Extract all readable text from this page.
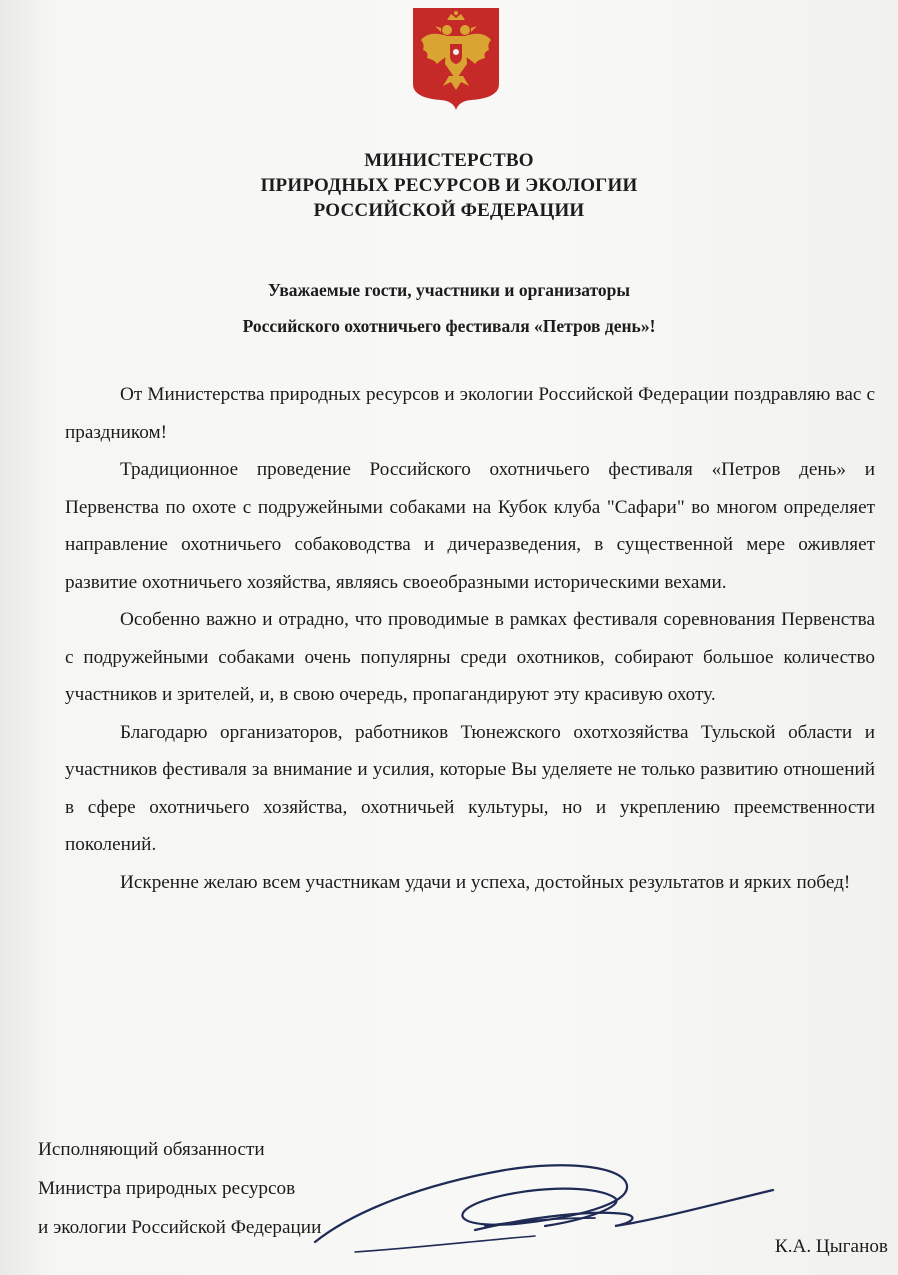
МИНИСТЕРСТВО
ПРИРОДНЫХ РЕСУРСОВ И ЭКОЛОГИИ
РОССИЙСКОЙ ФЕДЕРАЦИИ
Уважаемые гости, участники и организаторы
Российского охотничьего фестиваля «Петров день»!

От Министерства природных ресурсов и экологии Российской Федерации поздравляю вас с праздником!

Традиционное проведение Российского охотничьего фестиваля «Петров день» и Первенства по охоте с подружейными собаками на Кубок клуба "Сафари" во многом определяет направление охотничьего собаководства и дичеразведения, в существенной мере оживляет развитие охотничьего хозяйства, являясь своеобразными историческими вехами.

Особенно важно и отрадно, что проводимые в рамках фестиваля соревнования Первенства с подружейными собаками очень популярны среди охотников, собирают большое количество участников и зрителей, и, в свою очередь, пропагандируют эту красивую охоту.

Благодарю организаторов, работников Тюнежского охотхозяйства Тульской области и участников фестиваля за внимание и усилия, которые Вы уделяете не только развитию отношений в сфере охотничьего хозяйства, охотничьей культуры, но и укреплению преемственности поколений.

Искренне желаю всем участникам удачи и успеха, достойных результатов и ярких побед!

Исполняющий обязанности
Министра природных ресурсов
и экологии Российской Федерации
К.А. Цыганов
